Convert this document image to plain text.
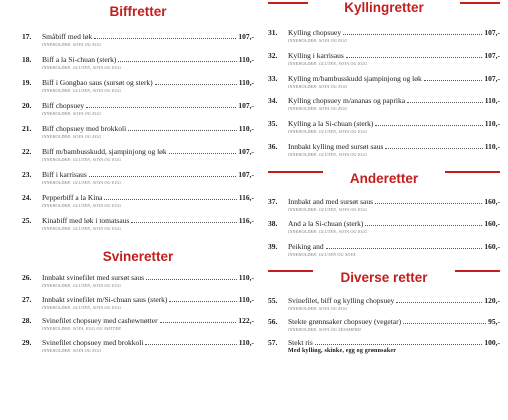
Biffretter
17.	Småbiff med løk	107,-
INNEHOLDER: SOYA OG EGG
18.	Biff a la Si-chuan (sterk)	110,-
INNEHOLDER: GLUTEN, SOYA OG EGG
19.	Biff i Gongbao saus (sursøt og sterk)	110,-
INNEHOLDER: GLUTEN, SOYA OG EGG
20.	Biff chopsuey	107,-
INNEHOLDER: SOYA OG EGG
21.	Biff chopsuey med brokkoli	110,-
INNEHOLDER: SOYA OG EGG
22.	Biff m/bambusskudd, sjampinjong og løk	107,-
INNEHOLDER: GLUTEN, SOYA OG EGG
23.	Biff i karrisaus	107,-
INNEHOLDER: GLUTEN, SOYA OG EGG
24.	Pepperbiff a la Kina	116,-
INNEHOLDER: GLUTEN, SOYA OG EGG
25.	Kinabiff med løk i tomatsaus	116,-
INNEHOLDER: GLUTEN, SOYA OG EGG
Svineretter
26.	Innbakt svinefilet med sursøt saus	110,-
INNEHOLDER: GLUTEN, SOYA OG EGG
27.	Innbakt svinefilet m/Si-chuan saus (sterk)	110,-
INNEHOLDER: GLUTEN, SOYA OG EGG
28.	Svinefilet chopsuey med cashewnøtter	122,-
INNEHOLDER: SOYA, EGG OG NØTTER
29.	Svinefilet chopsuey med brokkoli	110,-
INNEHOLDER: SOYA OG EGG
Kyllingretter
31.	Kylling chopsuey	107,-
INNEHOLDER: SOYA OG EGG
32.	Kylling i karrisaus	107,-
INNEHOLDER: GLUTEN, SOYA OG EGG
33.	Kylling m/bambusskudd sjampinjong og løk	107,-
INNEHOLDER: SOYA OG EGG
34.	Kylling chopsuey m/ananas og paprika	110,-
INNEHOLDER: SOYA OG EGG
35.	Kylling a la Si-chuan (sterk)	110,-
INNEHOLDER: GLUTEN, SOYA OG EGG
36.	Innbakt kylling med sursøt saus	110,-
INNEHOLDER: GLUTEN, SOYA OG EGG
Anderetter
37.	Innbakt and med sursøt saus	160,-
INNEHOLDER: GLUTEN, SOYA OG EGG
38.	And a la Si-chuan (sterk)	160,-
INNEHOLDER: GLUTEN, SOYA OG EGG
39.	Peiking and	160,-
INNEHOLDER: GLUTEN OG SOYA
Diverse retter
55.	Svinefilet, biff og kylling chopsuey	120,-
INNEHOLDER: SOYA OG EGG
56.	Stekte grønnsaker chopsuey (vegetar)	95,-
INNEHOLDER: SOYA OG SESAMFRØ
57.	Stekt ris	100,-
Med kylling, skinke, egg og grønnsaker
